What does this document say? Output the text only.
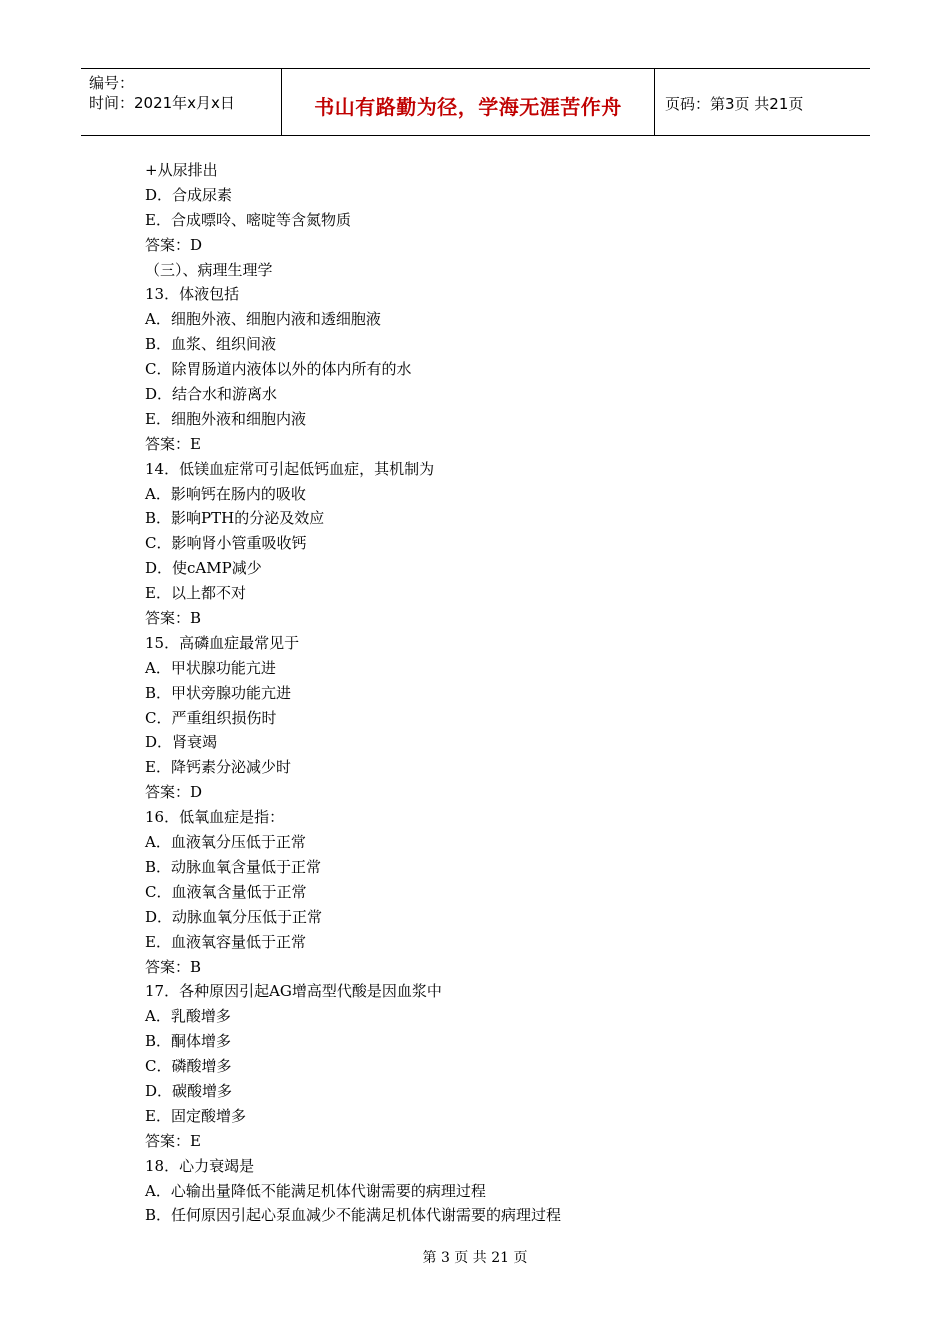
编号：
时间：2021年x月x日	书山有路勤为径，学海无涯苦作舟	页码：第3页 共21页
+从尿排出
D．合成尿素
E．合成嘌呤、嘧啶等含氮物质
答案：D
（三）、病理生理学
13．体液包括
A．细胞外液、细胞内液和透细胞液
B．血浆、组织间液
C．除胃肠道内液体以外的体内所有的水
D．结合水和游离水
E．细胞外液和细胞内液
答案：E
14．低镁血症常可引起低钙血症，其机制为
A．影响钙在肠内的吸收
B．影响PTH的分泌及效应
C．影响肾小管重吸收钙
D．使cAMP减少
E．以上都不对
答案：B
15．高磷血症最常见于
A．甲状腺功能亢进
B．甲状旁腺功能亢进
C．严重组织损伤时
D．肾衰竭
E．降钙素分泌减少时
答案：D
16．低氧血症是指：
A．血液氧分压低于正常
B．动脉血氧含量低于正常
C．血液氧含量低于正常
D．动脉血氧分压低于正常
E．血液氧容量低于正常
答案：B
17．各种原因引起AG增高型代酸是因血浆中
A．乳酸增多
B．酮体增多
C．磷酸增多
D．碳酸增多
E．固定酸增多
答案：E
18．心力衰竭是
A．心输出量降低不能满足机体代谢需要的病理过程
B．任何原因引起心泵血减少不能满足机体代谢需要的病理过程
第 3 页 共 21 页
